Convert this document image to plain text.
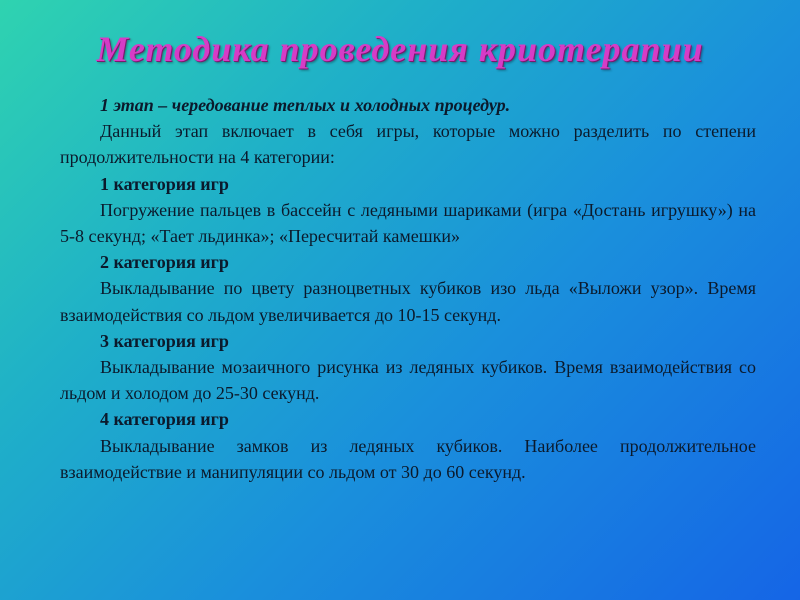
Методика проведения криотерапии

1 этап – чередование теплых и холодных процедур.

Данный этап включает в себя игры, которые можно разделить по степени продолжительности на 4 категории:

1 категория игр

Погружение пальцев в бассейн с ледяными шариками (игра «Достань игрушку») на 5-8 секунд; «Тает льдинка»; «Пересчитай камешки»

2 категория игр

Выкладывание по цвету разноцветных кубиков изо льда «Выложи узор». Время взаимодействия со льдом увеличивается до 10-15 секунд.

3 категория игр

Выкладывание мозаичного рисунка из ледяных кубиков. Время взаимодействия со льдом и холодом до 25-30 секунд.

4 категория игр

Выкладывание замков из ледяных кубиков. Наиболее продолжительное взаимодействие и манипуляции со льдом от 30 до 60 секунд.
